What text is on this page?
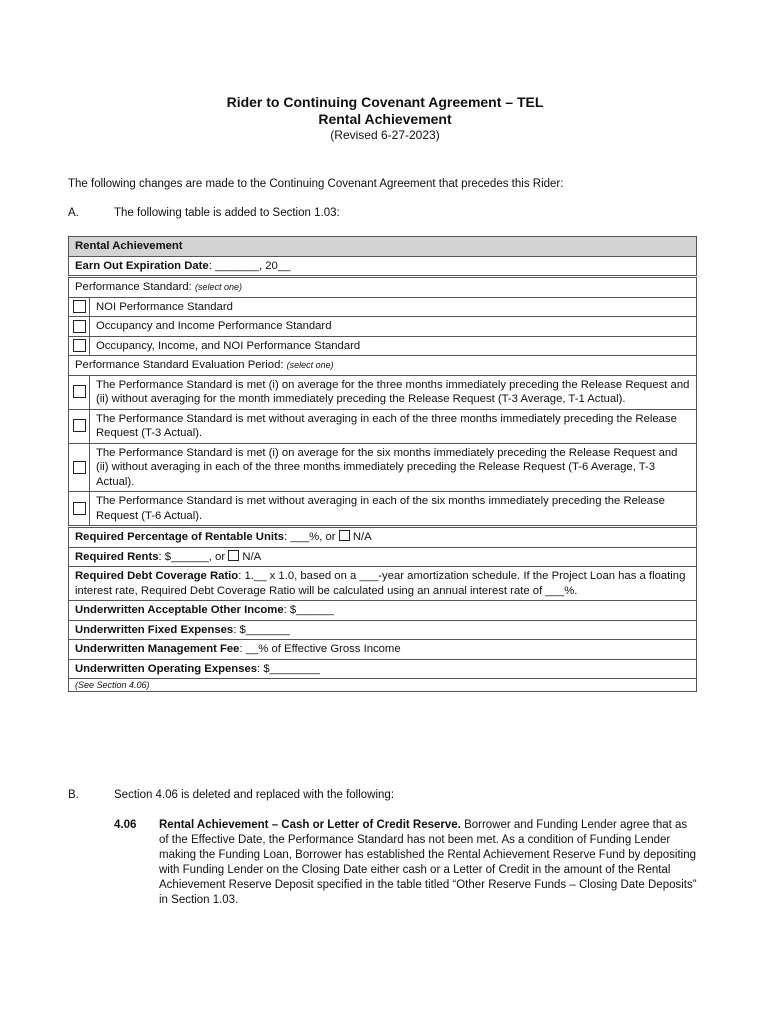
Rider to Continuing Covenant Agreement – TEL
Rental Achievement
(Revised 6-27-2023)
The following changes are made to the Continuing Covenant Agreement that precedes this Rider:
A.	The following table is added to Section 1.03:
Rental Achievement	
Earn Out Expiration Date: _______, 20__	
Performance Standard: (select one)	
	NOI Performance Standard
	Occupancy and Income Performance Standard
	Occupancy, Income, and NOI Performance Standard
Performance Standard Evaluation Period: (select one)	
	The Performance Standard is met (i) on average for the three months immediately preceding the Release Request and (ii) without averaging for the month immediately preceding the Release Request (T-3 Average, T-1 Actual).
	The Performance Standard is met without averaging in each of the three months immediately preceding the Release Request (T-3 Actual).
	The Performance Standard is met (i) on average for the six months immediately preceding the Release Request and (ii) without averaging in each of the three months immediately preceding the Release Request (T-6 Average, T-3 Actual).
	The Performance Standard is met without averaging in each of the six months immediately preceding the Release Request (T-6 Actual).
Required Percentage of Rentable Units: ___%, or  N/A	
Required Rents: $______, or  N/A	
Required Debt Coverage Ratio: 1.__ x 1.0, based on a ___-year amortization schedule. If the Project Loan has a floating interest rate, Required Debt Coverage Ratio will be calculated using an annual interest rate of ___%.	
Underwritten Acceptable Other Income: $______	
Underwritten Fixed Expenses: $_______	
Underwritten Management Fee: __% of Effective Gross Income	
Underwritten Operating Expenses: $________	
(See Section 4.06)	
B.	Section 4.06 is deleted and replaced with the following:
4.06 Rental Achievement – Cash or Letter of Credit Reserve. Borrower and Funding Lender agree that as of the Effective Date, the Performance Standard has not been met. As a condition of Funding Lender making the Funding Loan, Borrower has established the Rental Achievement Reserve Fund by depositing with Funding Lender on the Closing Date either cash or a Letter of Credit in the amount of the Rental Achievement Reserve Deposit specified in the table titled “Other Reserve Funds – Closing Date Deposits” in Section 1.03.
